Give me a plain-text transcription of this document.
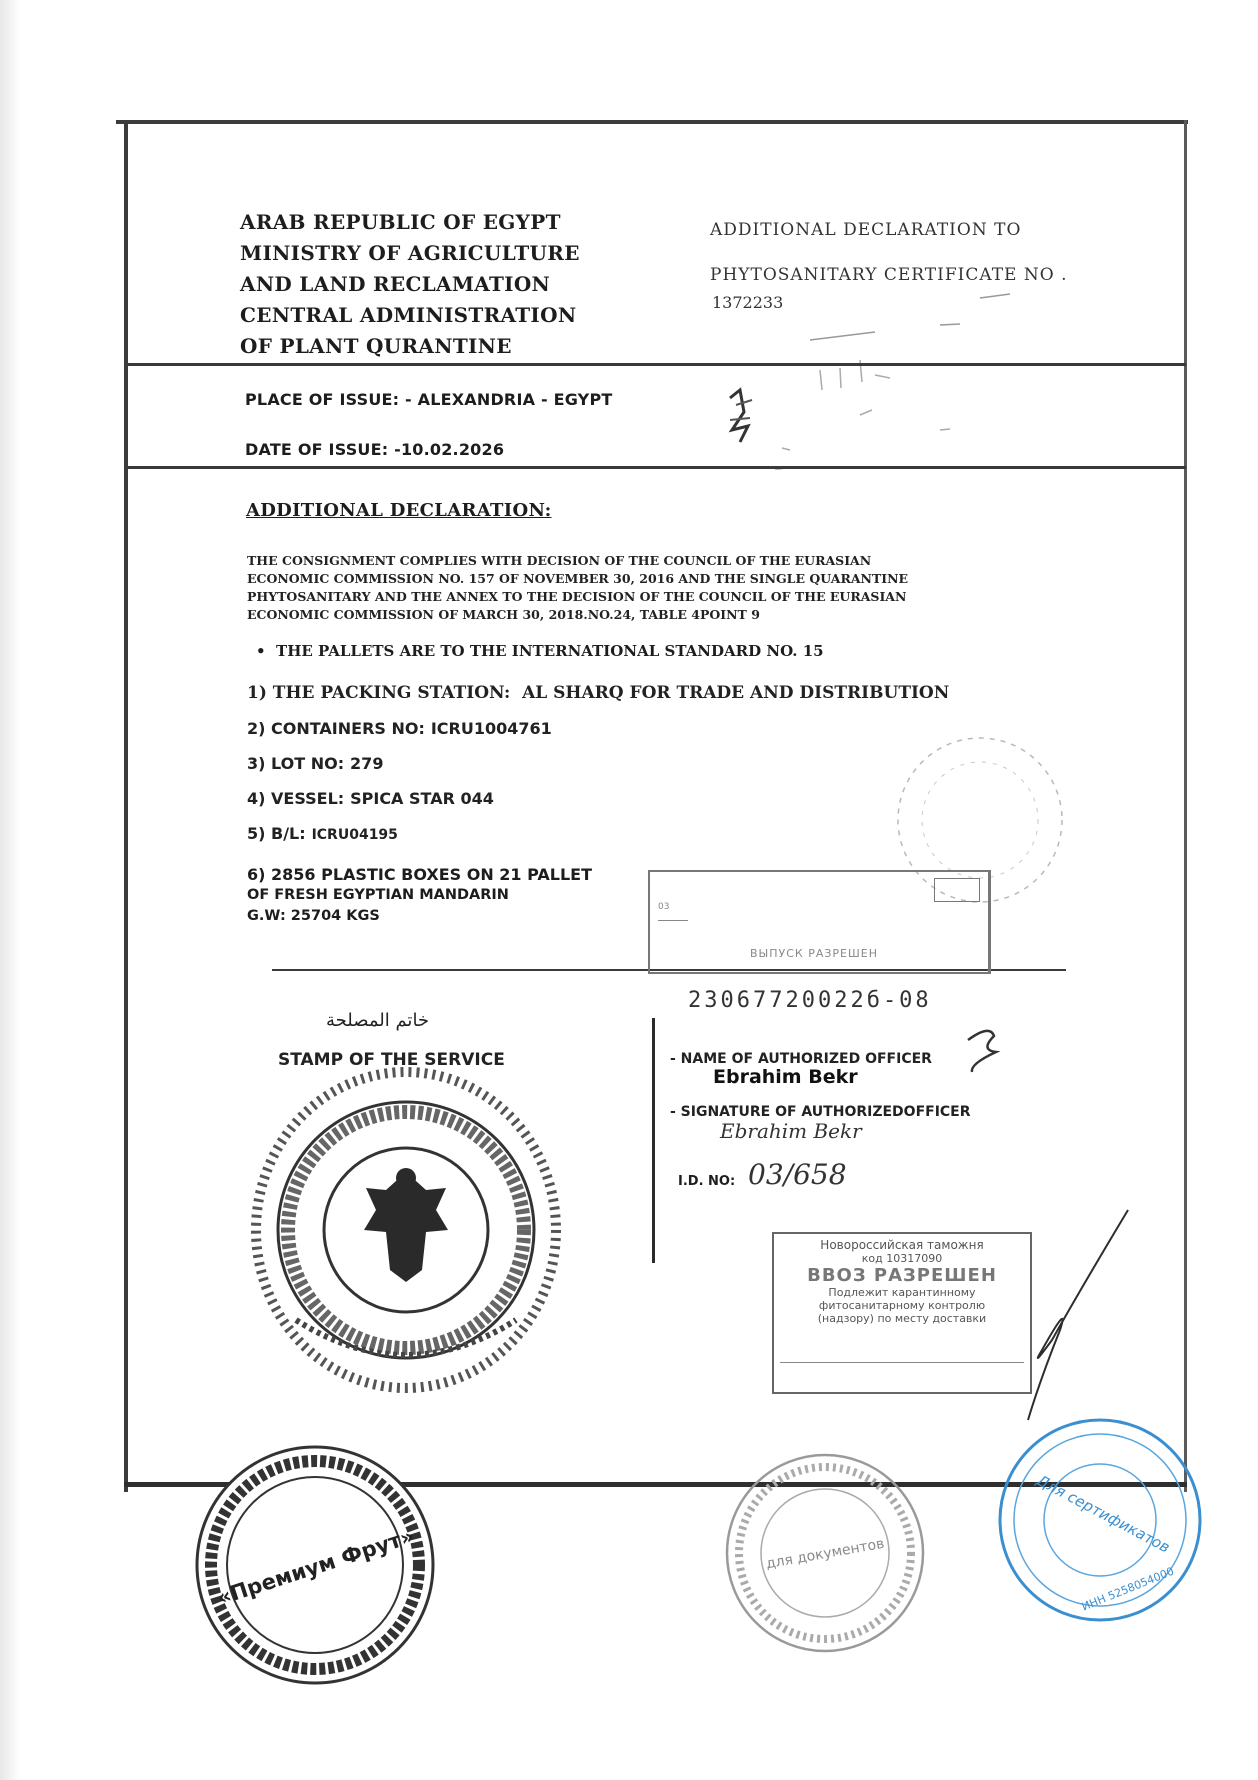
ARAB REPUBLIC OF EGYPT
MINISTRY OF AGRICULTURE
AND LAND RECLAMATION
CENTRAL ADMINISTRATION
OF PLANT QURANTINE
ADDITIONAL DECLARATION TO
PHYTOSANITARY CERTIFICATE NO .
1372233
PLACE OF ISSUE: - ALEXANDRIA - EGYPT
DATE OF ISSUE: -10.02.2026
ADDITIONAL DECLARATION:
THE CONSIGNMENT COMPLIES WITH DECISION OF THE COUNCIL OF THE EURASIAN
ECONOMIC COMMISSION NO. 157 OF NOVEMBER 30, 2016 AND THE SINGLE QUARANTINE
PHYTOSANITARY AND THE ANNEX TO THE DECISION OF THE COUNCIL OF THE EURASIAN
ECONOMIC COMMISSION OF MARCH 30, 2018.NO.24, TABLE 4POINT 9
•  THE PALLETS ARE TO THE INTERNATIONAL STANDARD NO. 15
1) THE PACKING STATION: AL SHARQ FOR TRADE AND DISTRIBUTION
2) CONTAINERS NO: ICRU1004761
3) LOT NO: 279
4) VESSEL: SPICA STAR 044
5) B/L: ICRU04195
6) 2856 PLASTIC BOXES ON 21 PALLET
OF FRESH EGYPTIAN MANDARIN
G.W: 25704 KGS
03
ВЫПУСК РАЗРЕШЕН
23067720022б-08
- NAME OF AUTHORIZED OFFICER
Ebrahim Bekr
- SIGNATURE OF AUTHORIZEDOFFICER
Ebrahim Bekr
I.D. NO: 03/658
Новороссийская таможня
код 10317090
ВВОЗ РАЗРЕШЕН
Подлежит карантинному
фитосанитарному контролю
(надзору) по месту доставки
خاتم المصلحة
STAMP OF THE SERVICE
«Премиум Фрут»	для документов	Для сертификатов
ИНН 5258054000
